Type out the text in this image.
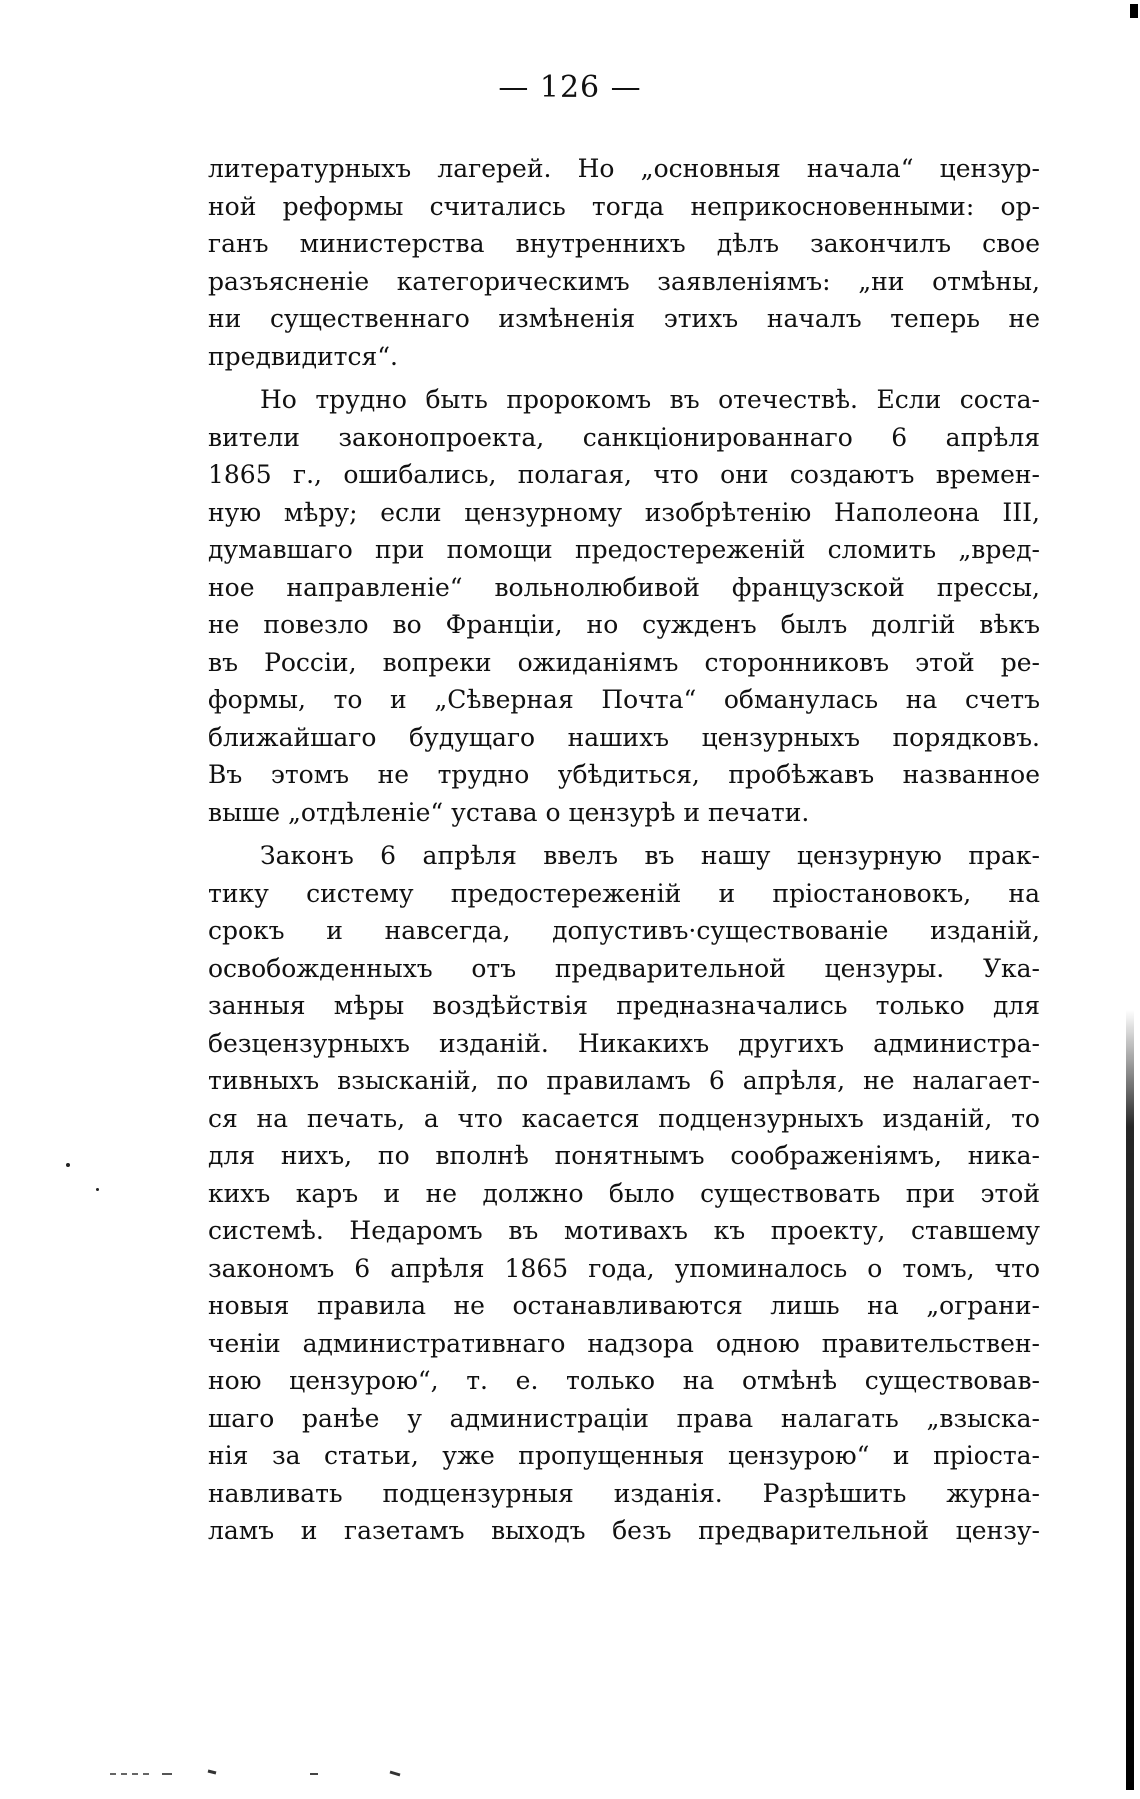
— 126 —
литературныхъ лагерей. Но „основныя начала“ цензур-
ной реформы считались тогда неприкосновенными: ор-
ганъ министерства внутреннихъ дѣлъ закончилъ свое
разъясненіе категорическимъ заявленіямъ: „ни отмѣны,
ни существеннаго измѣненія этихъ началъ теперь не
предвидится“.
Но трудно быть пророкомъ въ отечествѣ. Если соста-
вители законопроекта, санкціонированнаго 6 апрѣля
1865 г., ошибались, полагая, что они создаютъ времен-
ную мѣру; если цензурному изобрѣтенію Наполеона III,
думавшаго при помощи предостереженій сломить „вред-
ное направленіе“ вольнолюбивой французской прессы,
не повезло во Франціи, но сужденъ былъ долгій вѣкъ
въ Россіи, вопреки ожиданіямъ сторонниковъ этой ре-
формы, то и „Сѣверная Почта“ обманулась на счетъ
ближайшаго будущаго нашихъ цензурныхъ порядковъ.
Въ этомъ не трудно убѣдиться, пробѣжавъ названное
выше „отдѣленіе“ устава о цензурѣ и печати.
Законъ 6 апрѣля ввелъ въ нашу цензурную прак-
тику систему предостереженій и пріостановокъ, на
срокъ и навсегда, допустивъ·существованіе изданій,
освобожденныхъ отъ предварительной цензуры. Ука-
занныя мѣры воздѣйствія предназначались только для
безцензурныхъ изданій. Никакихъ другихъ администра-
тивныхъ взысканій, по правиламъ 6 апрѣля, не налагает-
ся на печать, а что касается подцензурныхъ изданій, то
для нихъ, по вполнѣ понятнымъ соображеніямъ, ника-
кихъ каръ и не должно было существовать при этой
системѣ. Недаромъ въ мотивахъ къ проекту, ставшему
закономъ 6 апрѣля 1865 года, упоминалось о томъ, что
новыя правила не останавливаются лишь на „ограни-
ченіи административнаго надзора одною правительствен-
ною цензурою“, т. е. только на отмѣнѣ существовав-
шаго ранѣе у администраціи права налагать „взыска-
нія за статьи, уже пропущенныя цензурою“ и пріоста-
навливать подцензурныя изданія. Разрѣшить журна-
ламъ и газетамъ выходъ безъ предварительной цензу-
